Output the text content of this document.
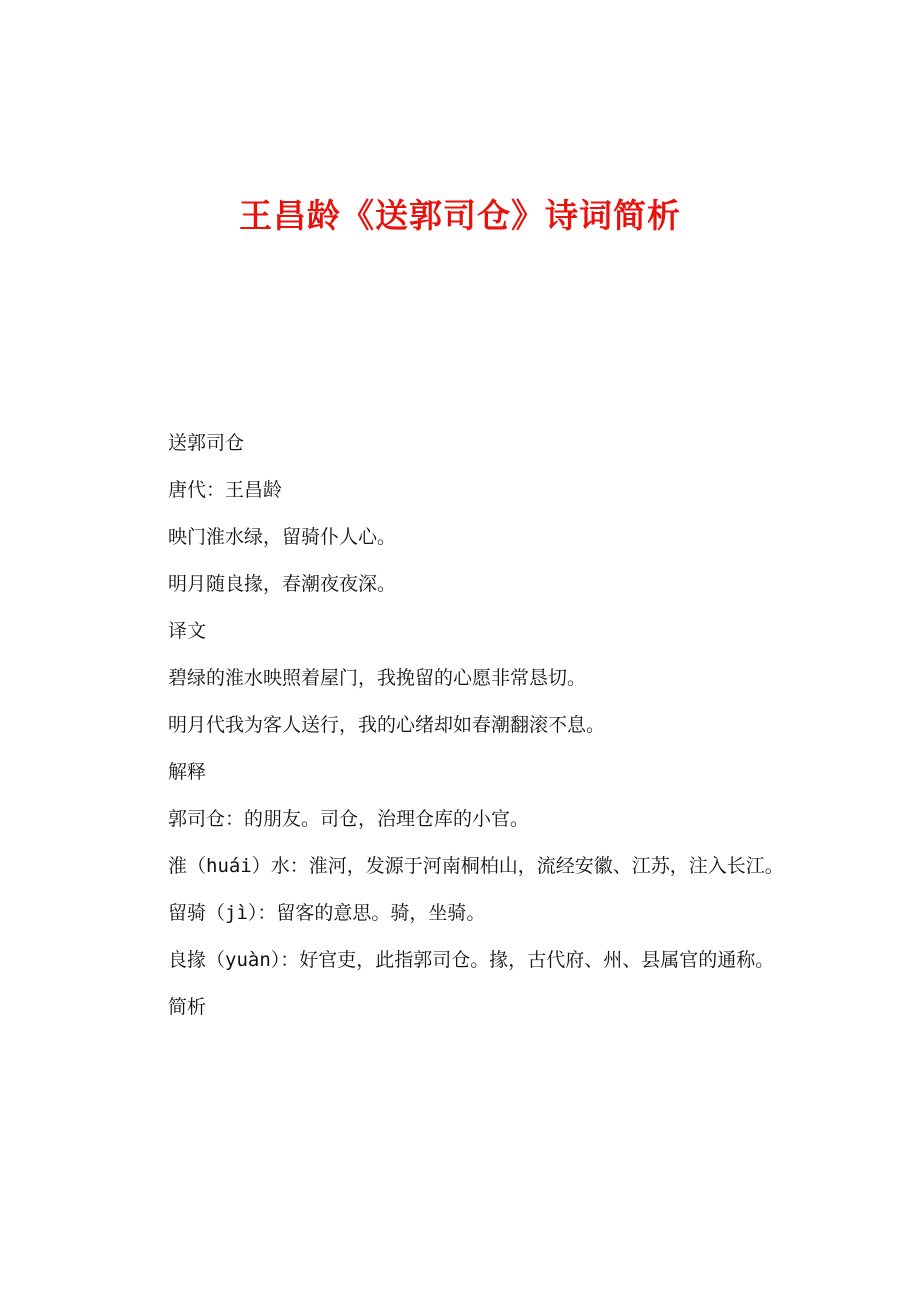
王昌龄《送郭司仓》诗词简析

送郭司仓

唐代：王昌龄

映门淮水绿，留骑仆人心。

明月随良掾，春潮夜夜深。

译文

碧绿的淮水映照着屋门，我挽留的心愿非常恳切。

明月代我为客人送行，我的心绪却如春潮翻滚不息。

解释

郭司仓：的朋友。司仓，治理仓库的小官。

淮（huái）水：淮河，发源于河南桐柏山，流经安徽、江苏，注入长江。

留骑（jì）：留客的意思。骑，坐骑。

良掾（yuàn）：好官吏，此指郭司仓。掾，古代府、州、县属官的通称。

简析
